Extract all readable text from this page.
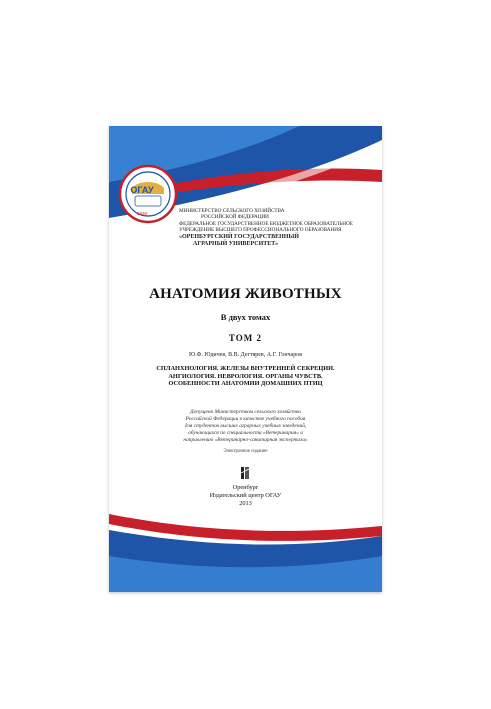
ОГАУ
1930	МИНИСТЕРСТВО СЕЛЬСКОГО ХОЗЯЙСТВА
РОССИЙСКОЙ ФЕДЕРАЦИИ
ФЕДЕРАЛЬНОЕ ГОСУДАРСТВЕННОЕ БЮДЖЕТНОЕ ОБРАЗОВАТЕЛЬНОЕ
УЧРЕЖДЕНИЕ ВЫСШЕГО ПРОФЕССИОНАЛЬНОГО ОБРАЗОВАНИЯ
«ОРЕНБУРГСКИЙ ГОСУДАРСТВЕННЫЙ
АГРАРНЫЙ УНИВЕРСИТЕТ»
АНАТОМИЯ ЖИВОТНЫХ
В двух томах
ТОМ 2
Ю.Ф. Юдичев, В.В. Дегтярев, А.Г. Гончаров
СПЛАНХНОЛОГИЯ. ЖЕЛЕЗЫ ВНУТРЕННЕЙ СЕКРЕЦИИ.
АНГИОЛОГИЯ. НЕВРОЛОГИЯ. ОРГАНЫ ЧУВСТВ.
ОСОБЕННОСТИ АНАТОМИИ ДОМАШНИХ ПТИЦ
Допущено Министерством сельского хозяйства
Российской Федерации в качестве учебного пособия
для студентов высших аграрных учебных заведений,
обучающихся по специальности «Ветеринария» и
направлению «Ветеринарно-санитарная экспертиза»
Электронное издание
Оренбург
Издательский центр ОГАУ
2013
